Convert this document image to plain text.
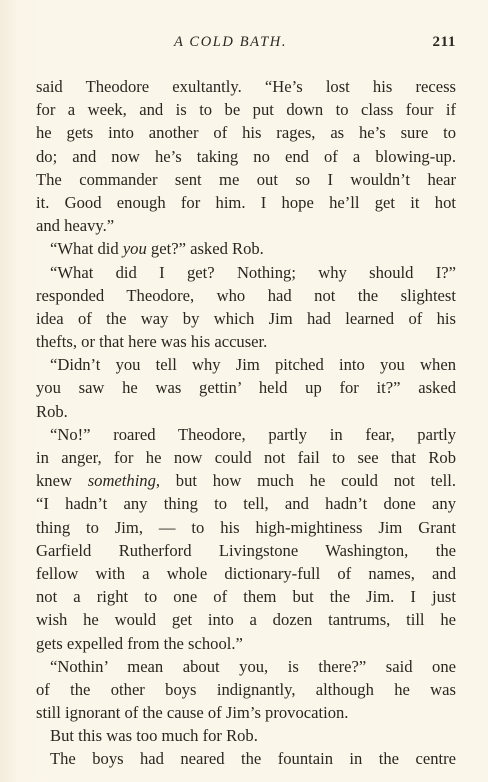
A COLD BATH.	211
said Theodore exultantly. “He’s lost his recess
for a week, and is to be put down to class four if
he gets into another of his rages, as he’s sure to
do; and now he’s taking no end of a blowing-up.
The commander sent me out so I wouldn’t hear
it. Good enough for him. I hope he’ll get it hot
and heavy.”
“What did you get?” asked Rob.
“What did I get? Nothing; why should I?”
responded Theodore, who had not the slightest
idea of the way by which Jim had learned of his
thefts, or that here was his accuser.
“Didn’t you tell why Jim pitched into you when
you saw he was gettin’ held up for it?” asked
Rob.
“No!” roared Theodore, partly in fear, partly
in anger, for he now could not fail to see that Rob
knew something, but how much he could not tell.
“I hadn’t any thing to tell, and hadn’t done any
thing to Jim, — to his high-mightiness Jim Grant
Garfield Rutherford Livingstone Washington, the
fellow with a whole dictionary-full of names, and
not a right to one of them but the Jim. I just
wish he would get into a dozen tantrums, till he
gets expelled from the school.”
“Nothin’ mean about you, is there?” said one
of the other boys indignantly, although he was
still ignorant of the cause of Jim’s provocation.
But this was too much for Rob.
The boys had neared the fountain in the centre
